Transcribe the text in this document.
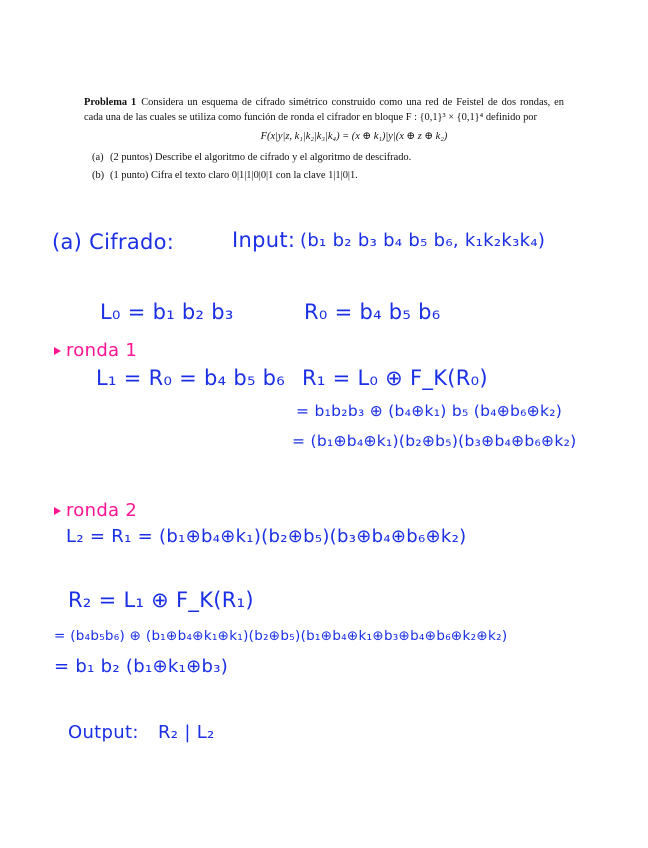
Problema 1 Considera un esquema de cifrado simétrico construido como una red de Feistel de dos rondas, en cada una de las cuales se utiliza como función de ronda el cifrador en bloque F : {0,1}³ × {0,1}⁴ definido por
F(x|y|z, k₁|k₂|k₃|k₄) = (x ⊕ k₁)|y|(x ⊕ z ⊕ k₂)
(a) (2 puntos) Describe el algoritmo de cifrado y el algoritmo de descifrado.
(b) (1 punto) Cifra el texto claro 0|1|1|0|0|1 con la clave 1|1|0|1.
(a) Cifrado:	Input: (b₁ b₂ b₃ b₄ b₅ b₆, k₁k₂k₃k₄)
L₀ = b₁ b₂ b₃	R₀ = b₄ b₅ b₆
ronda 1
L₁ = R₀ = b₄ b₅ b₆ R₁ = L₀ ⊕ F_K(R₀)
= b₁b₂b₃ ⊕ (b₄⊕k₁) b₅ (b₄⊕b₆⊕k₂)
= (b₁⊕b₄⊕k₁)(b₂⊕b₅)(b₃⊕b₄⊕b₆⊕k₂)
ronda 2
L₂ = R₁ = (b₁⊕b₄⊕k₁)(b₂⊕b₅)(b₃⊕b₄⊕b₆⊕k₂)
R₂ = L₁ ⊕ F_K(R₁)
= (b₄b₅b₆) ⊕ (b₁⊕b₄⊕k₁⊕k₁)(b₂⊕b₅)(b₁⊕b₄⊕k₁⊕b₃⊕b₄⊕b₆⊕k₂⊕k₂)
= b₁ b₂ (b₁⊕k₁⊕b₃)
Output: R₂ | L₂
